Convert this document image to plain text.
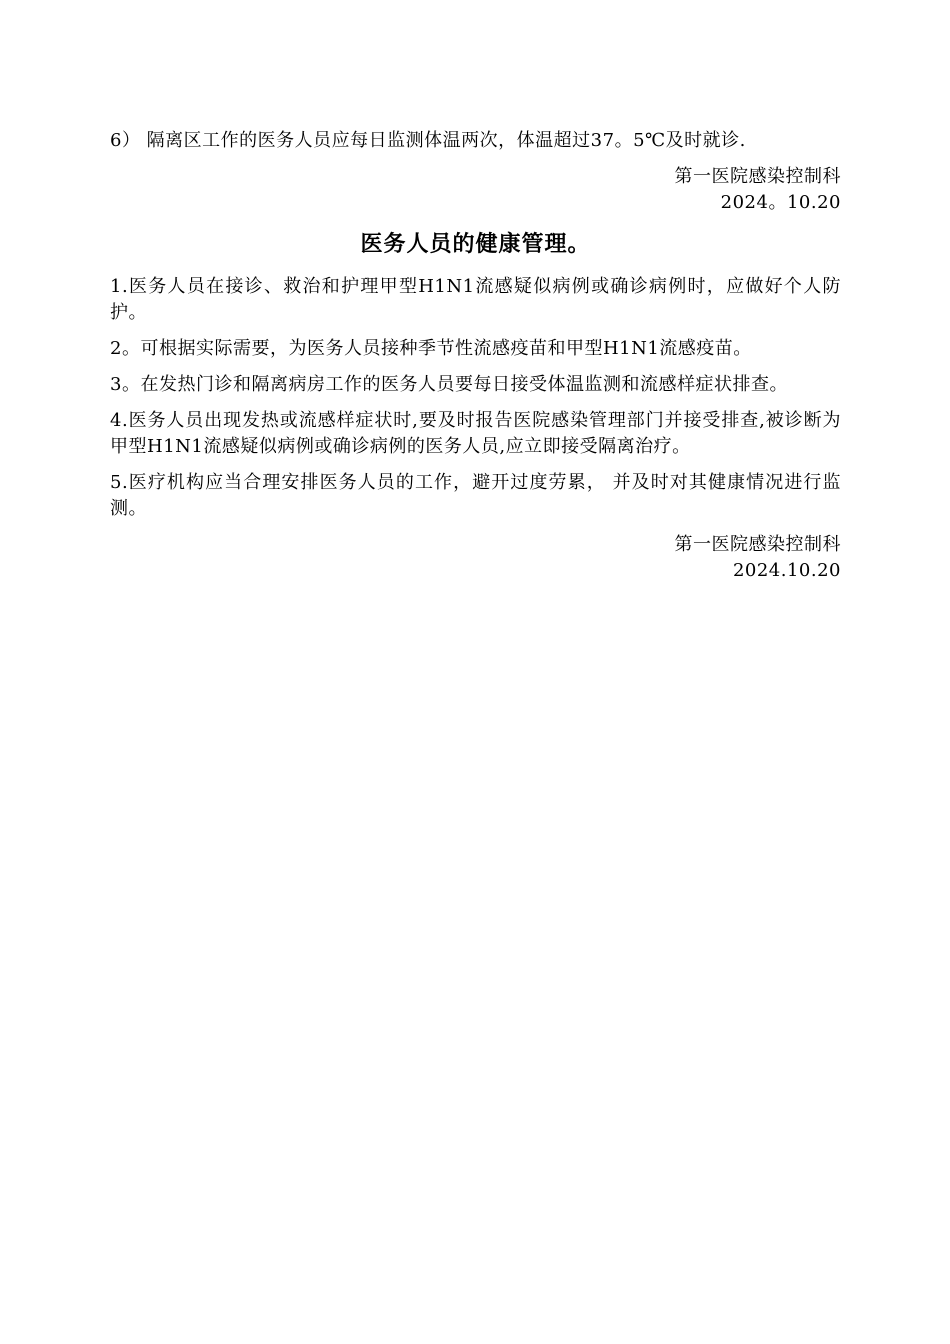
6） 隔离区工作的医务人员应每日监测体温两次，体温超过37。5℃及时就诊.

第一医院感染控制科
2024。10.20
医务人员的健康管理。

1.医务人员在接诊、救治和护理甲型H1N1流感疑似病例或确诊病例时，应做好个人防护。

2。可根据实际需要，为医务人员接种季节性流感疫苗和甲型H1N1流感疫苗。

3。在发热门诊和隔离病房工作的医务人员要每日接受体温监测和流感样症状排查。

4.医务人员出现发热或流感样症状时,要及时报告医院感染管理部门并接受排查,被诊断为甲型H1N1流感疑似病例或确诊病例的医务人员,应立即接受隔离治疗。

5.医疗机构应当合理安排医务人员的工作，避开过度劳累， 并及时对其健康情况进行监测。

第一医院感染控制科
2024.10.20
